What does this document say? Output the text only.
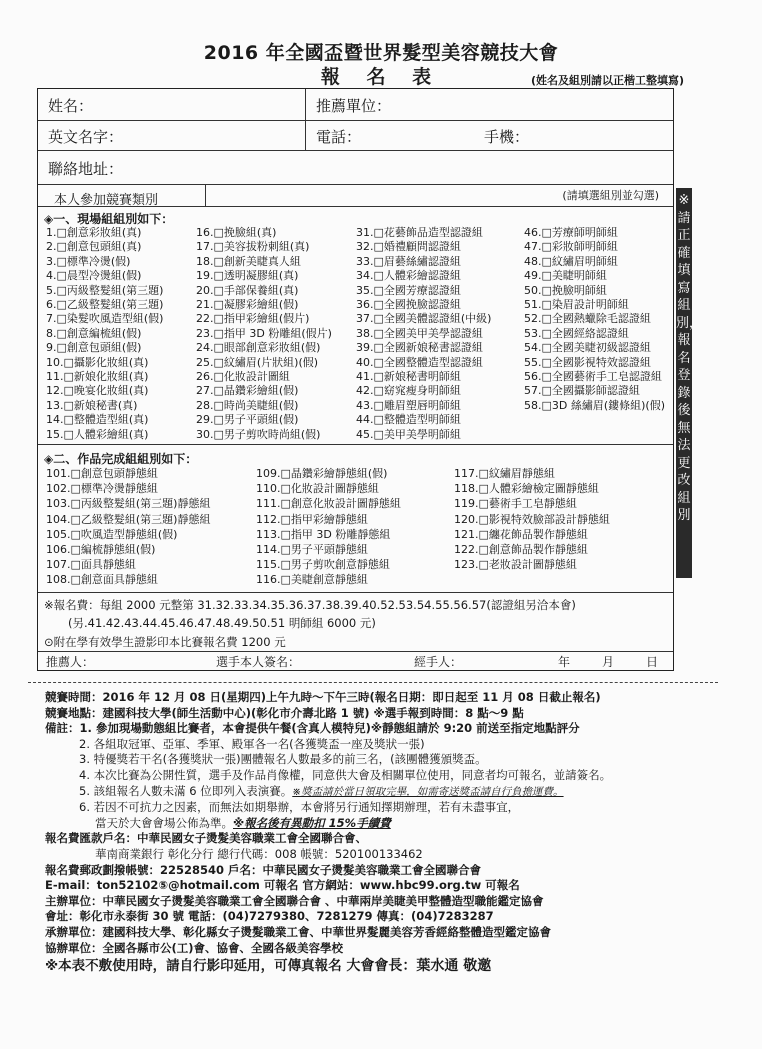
2016 年全國盃暨世界髮型美容競技大會
報 名 表	(姓名及組別請以正楷工整填寫)
姓名：	推薦單位：
英文名字：	電話：	手機：
聯絡地址：
本人參加競賽類別	(請填選組別並勾選)
◈一、現場組組別如下：
1.□創意彩妝組(真)
2.□創意包頭組(真)
3.□標準冷燙(假)
4.□晨型冷燙組(假)
5.□丙級整髮組(第三題)
6.□乙級整髮組(第三題)
7.□染髮吹風造型組(假)
8.□創意編梳組(假)
9.□創意包頭組(假)
10.□攝影化妝組(真)
11.□新娘化妝組(真)
12.□晚宴化妝組(真)
13.□新娘秘書(真)
14.□整體造型組(真)
15.□人體彩繪組(真)
16.□挽臉組(真)
17.□美容拔粉刺組(真)
18.□創新美睫真人組
19.□透明凝膠組(真)
20.□手部保養組(真)
21.□凝膠彩繪組(假)
22.□指甲彩繪組(假片)
23.□指甲 3D 粉雕組(假片)
24.□眼部創意彩妝組(假)
25.□紋繡眉(片狀組)(假)
26.□化妝設計圖組
27.□晶鑽彩繪組(假)
28.□時尚美睫組(假)
29.□男子平頭組(假)
30.□男子剪吹時尚組(假)
31.□花藝飾品造型認證組
32.□婚禮顧問認證組
33.□眉藝絲繡認證組
34.□人體彩繪認證組
35.□全國芳療認證組
36.□全國挽臉認證組
37.□全國美體認證組(中級)
38.□全國美甲美學認證組
39.□全國新娘秘書認證組
40.□全國整體造型認證組
41.□新娘秘書明師組
42.□窈窕瘦身明師組
43.□雕眉塑唇明師組
44.□整體造型明師組
45.□美甲美學明師組
46.□芳療師明師組
47.□彩妝師明師組
48.□紋繡眉明師組
49.□美睫明師組
50.□挽臉明師組
51.□染眉設計明師組
52.□全國熱蠟除毛認證組
53.□全國經絡認證組
54.□全國美睫初級認證組
55.□全國影視特效認證組
56.□全國藝術手工皂認證組
57.□全國攝影師認證組
58.□3D 絲繡眉(鏤條組)(假)
◈二、作品完成組組別如下：
101.□創意包頭靜態組
102.□標準冷燙靜態組
103.□丙級整髮組(第三題)靜態組
104.□乙級整髮組(第三題)靜態組
105.□吹風造型靜態組(假)
106.□編梳靜態組(假)
107.□面具靜態組
108.□創意面具靜態組
109.□晶鑽彩繪靜態組(假)
110.□化妝設計圖靜態組
111.□創意化妝設計圖靜態組
112.□指甲彩繪靜態組
113.□指甲 3D 粉雕靜態組
114.□男子平頭靜態組
115.□男子剪吹創意靜態組
116.□美睫創意靜態組
117.□紋繡眉靜態組
118.□人體彩繪檢定圖靜態組
119.□藝術手工皂靜態組
120.□影視特效臉部設計靜態組
121.□纏花飾品製作靜態組
122.□創意飾品製作靜態組
123.□老妝設計圖靜態組
※報名費：每組 2000 元整第 31.32.33.34.35.36.37.38.39.40.52.53.54.55.56.57(認證組另洽本會)
(另.41.42.43.44.45.46.47.48.49.50.51 明師組 6000 元)
⊙附在學有效學生證影印本比賽報名費 1200 元
推薦人：	選手本人簽名：	經手人：	年	月	日
※請正確填寫組別，報名登錄後無法更改組別
競賽時間：2016 年 12 月 08 日(星期四)上午九時～下午三時(報名日期：即日起至 11 月 08 日截止報名)
競賽地點：建國科技大學(師生活動中心)(彰化市介壽北路 1 號) ※選手報到時間：8 點～9 點
備註：1. 參加現場動態組比賽者，本會提供午餐(含真人模特兒)※靜態組請於 9:20 前送至指定地點評分
2. 各組取冠軍、亞軍、季軍、殿軍各一名(各獲獎盃一座及獎狀一張)
3. 特優獎若干名(各獲獎狀一張)團體報名人數最多的前三名，(該團體獲頒獎盃。
4. 本次比賽為公開性質，選手及作品肖像權，同意供大會及相關單位使用，同意者均可報名，並請簽名。
5. 該組報名人數未滿 6 位即列入表演賽。※獎盃請於當日領取完畢，如需寄送獎盃請自行負擔運費。
6. 若因不可抗力之因素，而無法如期舉辦，本會將另行通知擇期辦理，若有未盡事宜，
當天於大會會場公佈為準。※報名後有異動扣 15%手續費
報名費匯款戶名：中華民國女子燙髮美容職業工會全國聯合會、
華南商業銀行 彰化分行 總行代碼：008 帳號：520100133462
報名費郵政劃撥帳號：22528540 戶名：中華民國女子燙髮美容職業工會全國聯合會
E-mail：ton52102⑤@hotmail.com 可報名 官方網站：www.hbc99.org.tw 可報名
主辦單位：中華民國女子燙髮美容職業工會全國聯合會 、中華兩岸美睫美甲整體造型職能鑑定協會
會址：彰化市永泰街 30 號 電話：(04)7279380、7281279 傳真：(04)7283287
承辦單位：建國科技大學、彰化縣女子燙髮職業工會、中華世界髮麗美容芳香經絡整體造型鑑定協會
協辦單位：全國各縣市公(工)會、協會、全國各級美容學校
※本表不敷使用時，請自行影印延用，可傳真報名 大會會長：葉水通 敬邀
